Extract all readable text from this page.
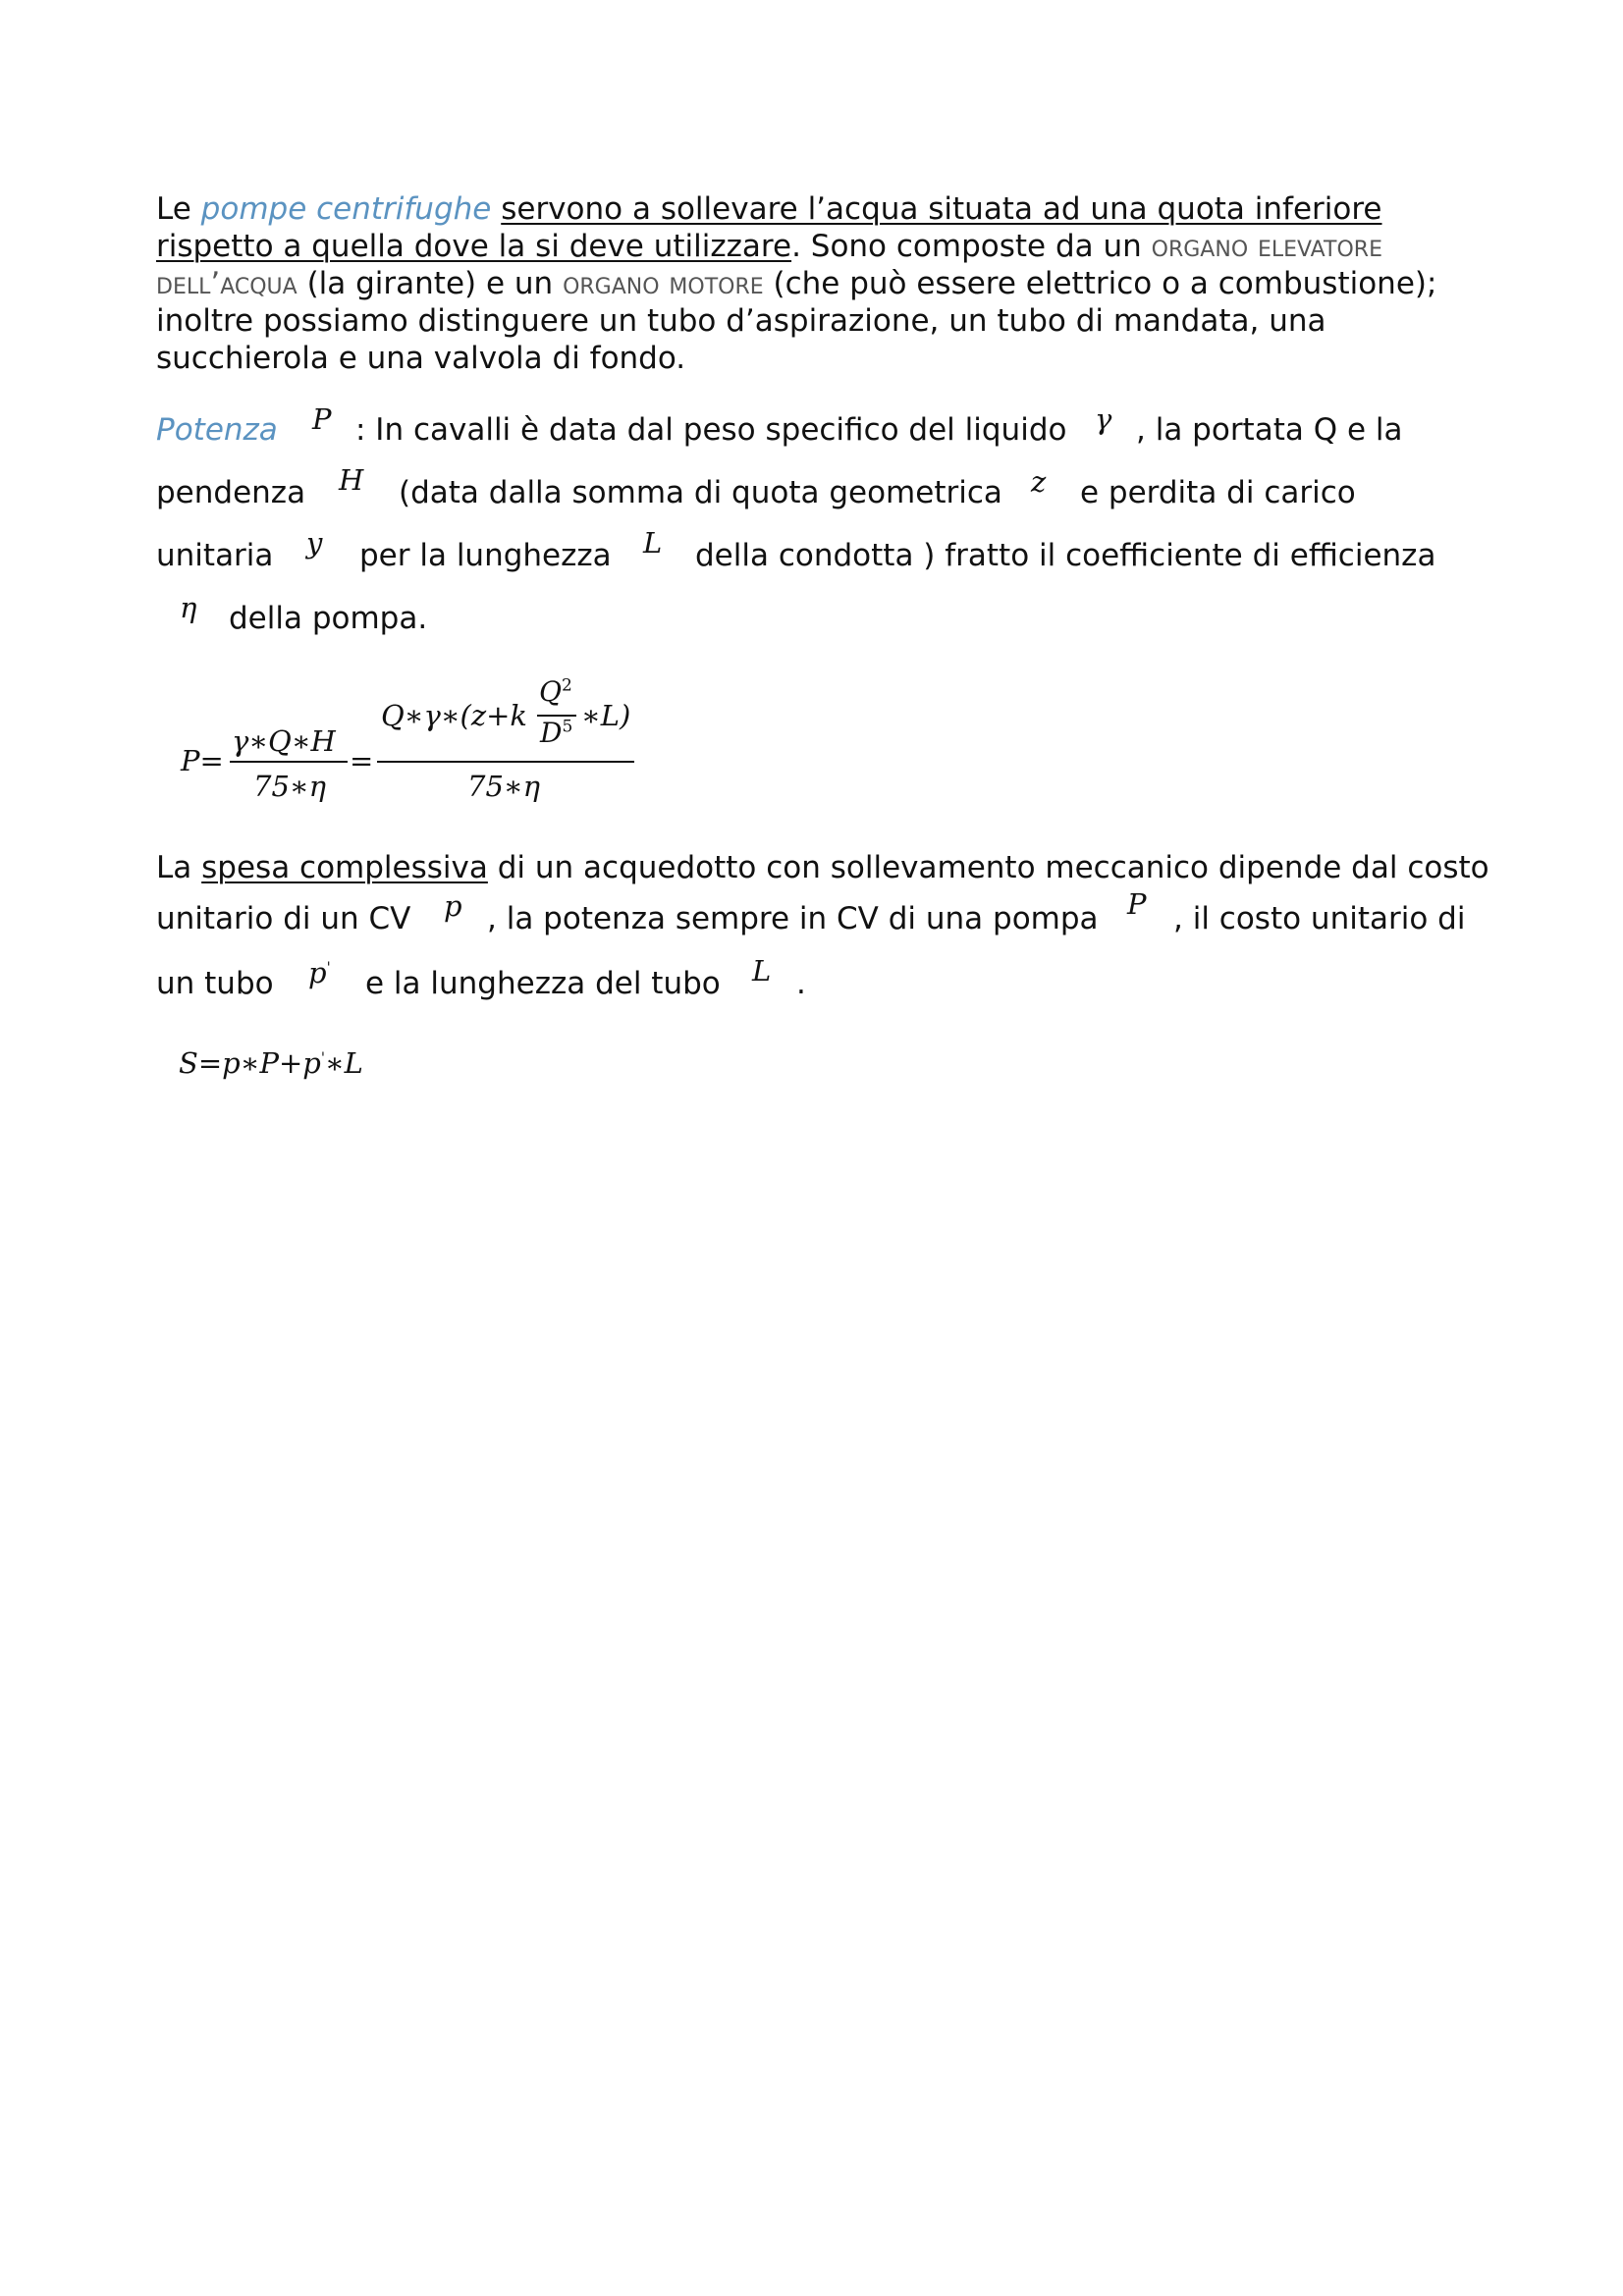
Le pompe centrifughe servono a sollevare l’acqua situata ad una quota inferiore rispetto a quella dove la si deve utilizzare. Sono composte da un organo elevatore dell’acqua (la girante) e un organo motore (che può essere elettrico o a combustione); inoltre possiamo distinguere un tubo d’aspirazione, un tubo di mandata, una succhierola e una valvola di fondo.
Potenza P : In cavalli è data dal peso specifico del liquido γ , la portata Q e la
pendenza H (data dalla somma di quota geometrica z e perdita di carico
unitaria y per la lunghezza L della condotta ) fratto il coefficiente di efficienza
η della pompa.
P=
γ∗Q∗H
75∗η
=
Q∗γ∗(z+k
$Q^2$
$D^5$ ∗L)
75∗η
La spesa complessiva di un acquedotto con sollevamento meccanico dipende dal costo
unitario di un CV p , la potenza sempre in CV di una pompa P , il costo unitario di
un tubo p' e la lunghezza del tubo L .
S=p∗P+p'∗L
